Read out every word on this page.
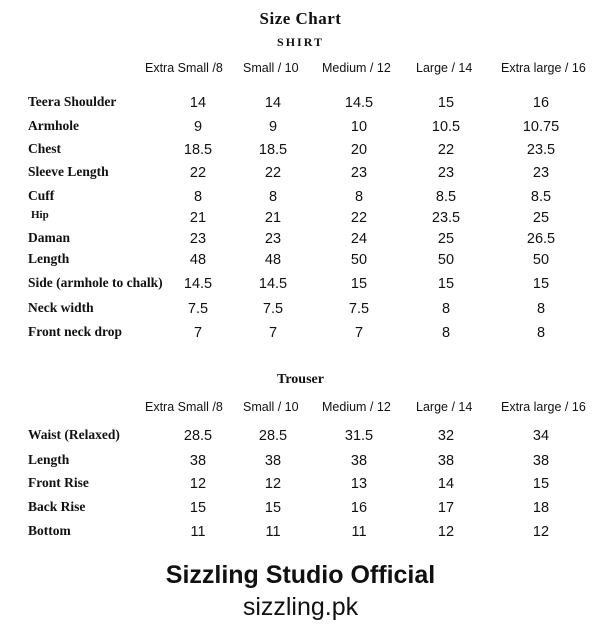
Size Chart
SHIRT
Extra Small /8 Small / 10 Medium / 12 Large / 14 Extra large / 16
Teera Shoulder	14	14	14.5	15	16
Armhole	9	9	10	10.5	10.75
Chest	18.5	18.5	20	22	23.5
Sleeve Length	22	22	23	23	23
Cuff	8	8	8	8.5	8.5
Hip	21	21	22	23.5	25
Daman	23	23	24	25	26.5
Length	48	48	50	50	50
Side (armhole to chalk) 14.5	14.5	15	15	15
Neck width	7.5	7.5	7.5	8	8
Front neck drop	7	7	7	8	8
Trouser
Extra Small /8 Small / 10 Medium / 12 Large / 14 Extra large / 16
Waist (Relaxed)	28.5	28.5	31.5	32	34
Length	38	38	38	38	38
Front Rise	12	12	13	14	15
Back Rise	15	15	16	17	18
Bottom	11	11	11	12	12
Sizzling Studio Official
sizzling.pk
